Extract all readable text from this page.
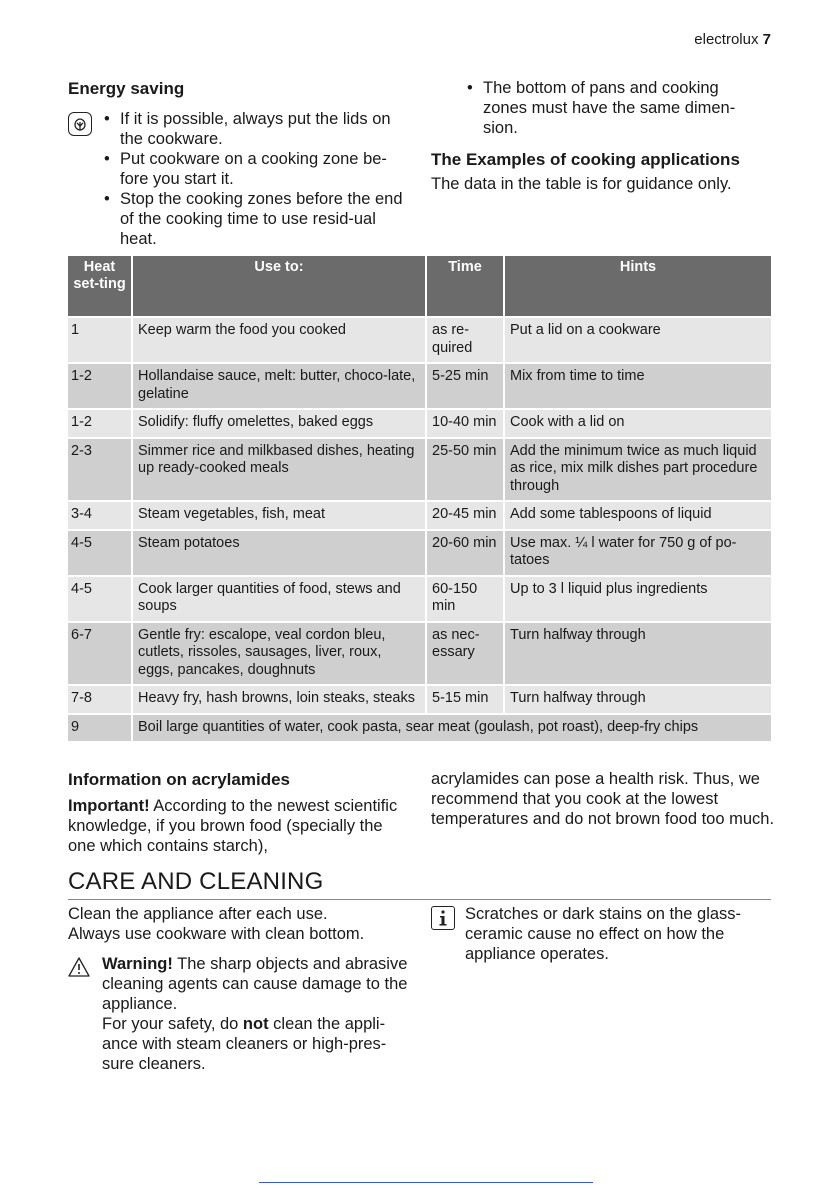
electrolux 7
Energy saving
• If it is possible, always put the lids on the cookware.
• Put cookware on a cooking zone be-fore you start it.
• Stop the cooking zones before the end of the cooking time to use resid-ual heat.
• The bottom of pans and cooking zones must have the same dimen-sion.
The Examples of cooking applications
The data in the table is for guidance only.
Heat set-ting	Use to:	Time	Hints
1	Keep warm the food you cooked	as re-quired	Put a lid on a cookware
1-2	Hollandaise sauce, melt: butter, choco-late, gelatine	5-25 min	Mix from time to time
1-2	Solidify: fluffy omelettes, baked eggs	10-40 min	Cook with a lid on
2-3	Simmer rice and milkbased dishes, heating up ready-cooked meals	25-50 min	Add the minimum twice as much liquid as rice, mix milk dishes part procedure through
3-4	Steam vegetables, fish, meat	20-45 min	Add some tablespoons of liquid
4-5	Steam potatoes	20-60 min	Use max. ¼ l water for 750 g of po-tatoes
4-5	Cook larger quantities of food, stews and soups	60-150 min	Up to 3 l liquid plus ingredients
6-7	Gentle fry: escalope, veal cordon bleu, cutlets, rissoles, sausages, liver, roux, eggs, pancakes, doughnuts	as nec-essary	Turn halfway through
7-8	Heavy fry, hash browns, loin steaks, steaks	5-15 min	Turn halfway through
9	Boil large quantities of water, cook pasta, sear meat (goulash, pot roast), deep-fry chips		
Information on acrylamides
Important! According to the newest scientific knowledge, if you brown food (specially the one which contains starch),
acrylamides can pose a health risk. Thus, we recommend that you cook at the lowest temperatures and do not brown food too much.
CARE AND CLEANING
Clean the appliance after each use.
Always use cookware with clean bottom.
Warning! The sharp objects and abrasive cleaning agents can cause damage to the appliance.
For your safety, do not clean the appli-ance with steam cleaners or high-pres-sure cleaners.
Scratches or dark stains on the glass-ceramic cause no effect on how the appliance operates.
